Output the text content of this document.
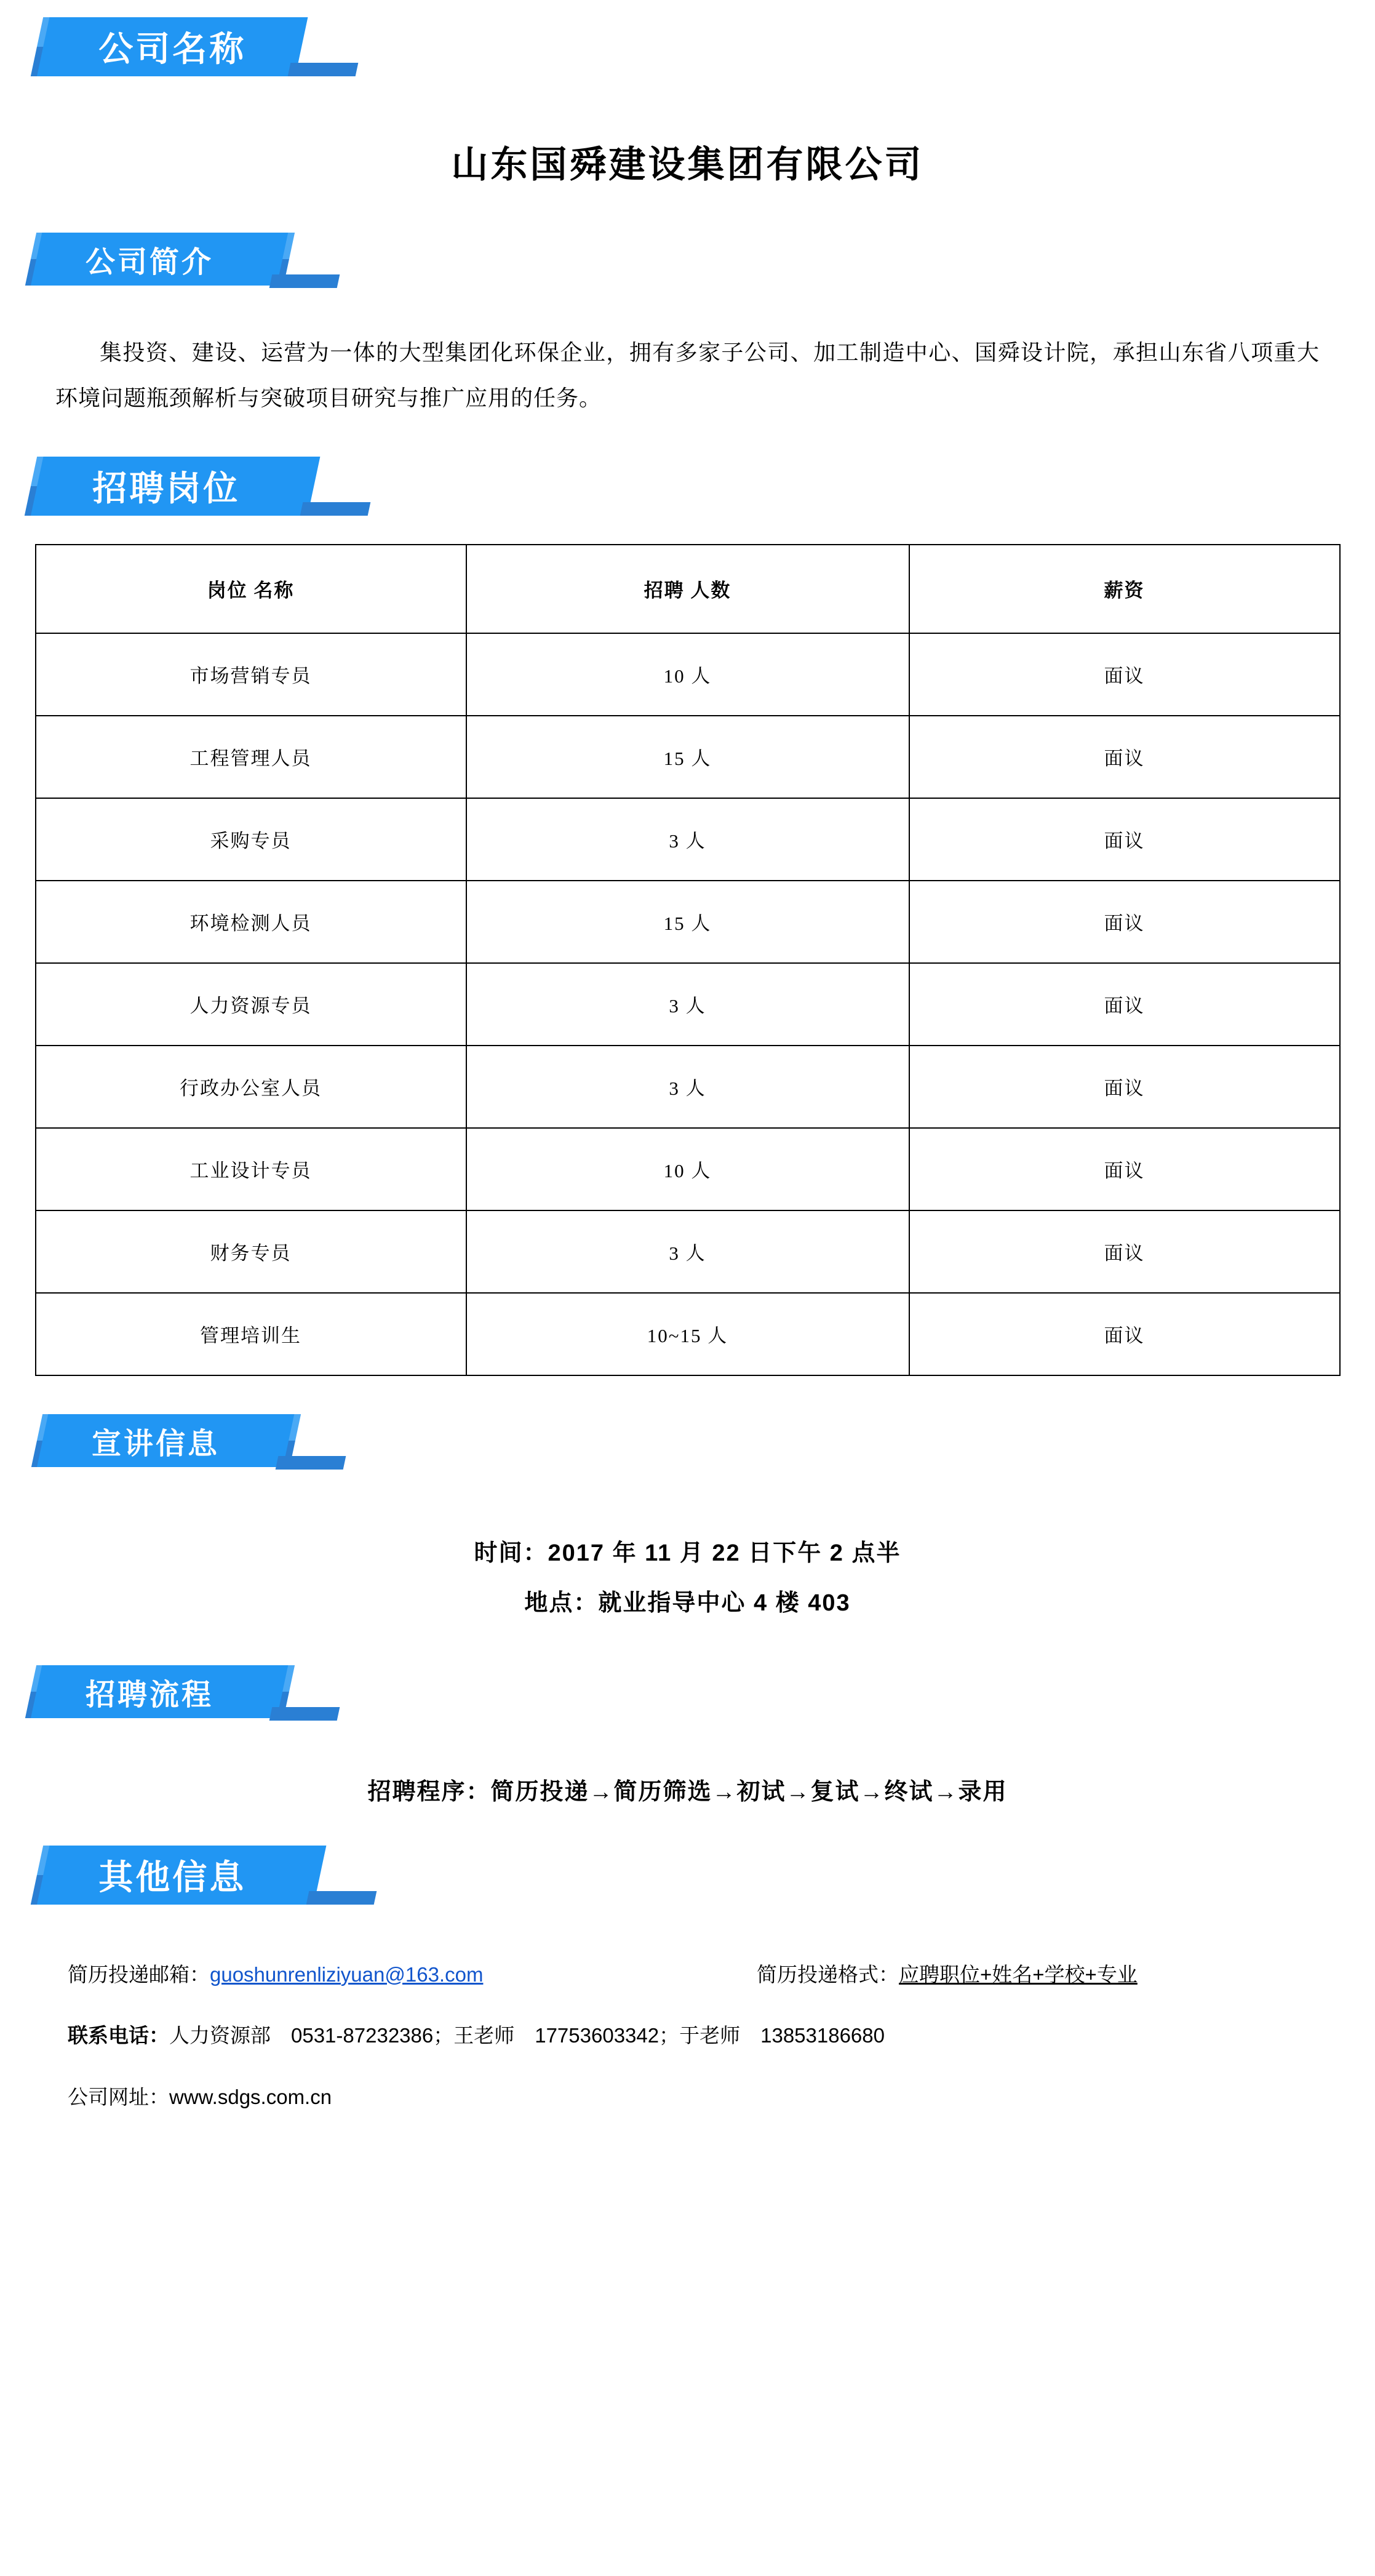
公司名称
山东国舜建设集团有限公司
公司简介
集投资、建设、运营为一体的大型集团化环保企业，拥有多家子公司、加工制造中心、国舜设计院，承担山东省八项重大环境问题瓶颈解析与突破项目研究与推广应用的任务。
招聘岗位
岗位 名称	招聘 人数	薪资
市场营销专员	10 人	面议
工程管理人员	15 人	面议
采购专员	3 人	面议
环境检测人员	15 人	面议
人力资源专员	3 人	面议
行政办公室人员	3 人	面议
工业设计专员	10 人	面议
财务专员	3 人	面议
管理培训生	10~15 人	面议
宣讲信息
时间：2017 年 11 月 22 日下午 2 点半
地点：就业指导中心 4 楼 403
招聘流程
招聘程序：简历投递→简历筛选→初试→复试→终试→录用
其他信息
简历投递邮箱：guoshunrenliziyuan@163.com	简历投递格式：应聘职位+姓名+学校+专业
联系电话： 人力资源部　0531-87232386；王老师　17753603342；于老师　13853186680
公司网址： www.sdgs.com.cn
